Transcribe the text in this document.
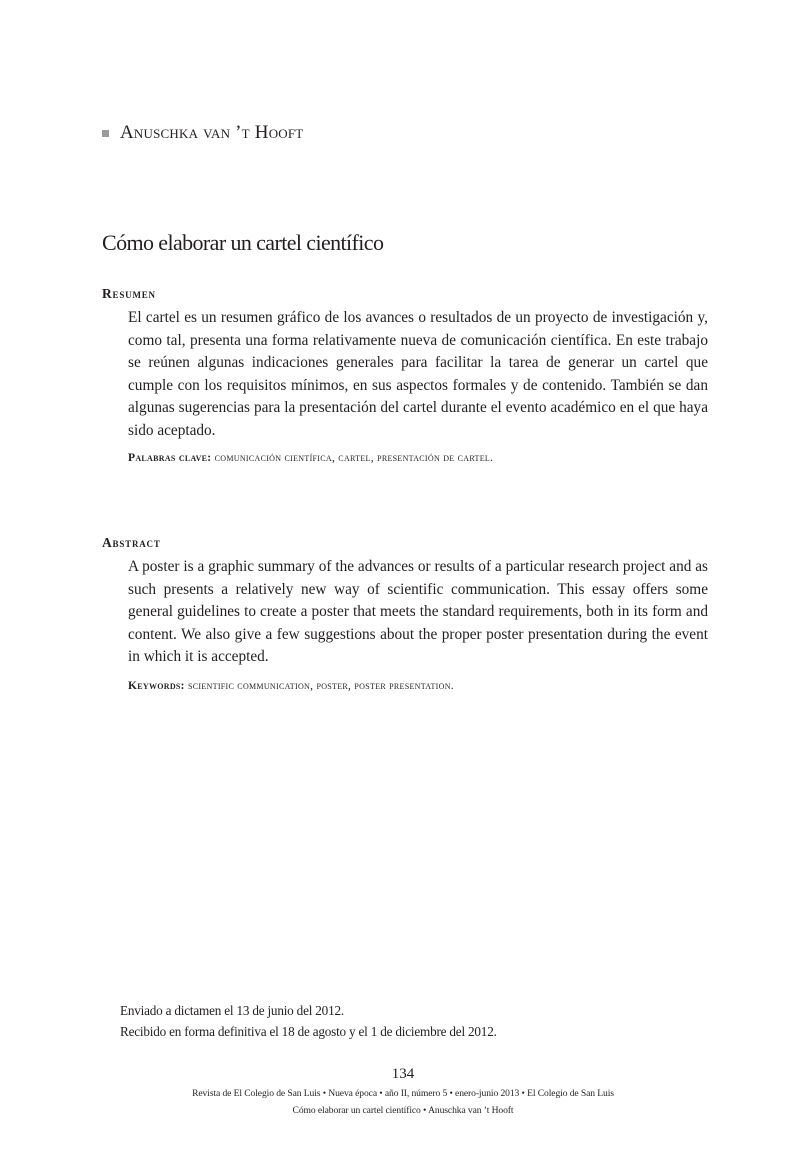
Anuschka van ’t Hooft
Cómo elaborar un cartel científico
Resumen

El cartel es un resumen gráfico de los avances o resultados de un proyecto de investigación y, como tal, presenta una forma relativamente nueva de comunicación científica. En este trabajo se reúnen algunas indicaciones generales para facilitar la tarea de generar un cartel que cumple con los requisitos mínimos, en sus aspectos formales y de contenido. También se dan algunas sugerencias para la presentación del cartel durante el evento académico en el que haya sido aceptado.

Palabras clave: comunicación científica, cartel, presentación de cartel.
Abstract

A poster is a graphic summary of the advances or results of a particular research project and as such presents a relatively new way of scientific communication. This essay offers some general guidelines to create a poster that meets the standard requirements, both in its form and content. We also give a few suggestions about the proper poster presentation during the event in which it is accepted.

Keywords: scientific communication, poster, poster presentation.
Enviado a dictamen el 13 de junio del 2012.
Recibido en forma definitiva el 18 de agosto y el 1 de diciembre del 2012.
134
Revista de El Colegio de San Luis • Nueva época • año II, número 5 • enero-junio 2013 • El Colegio de San Luis
Cómo elaborar un cartel científico • Anuschka van ’t Hooft
